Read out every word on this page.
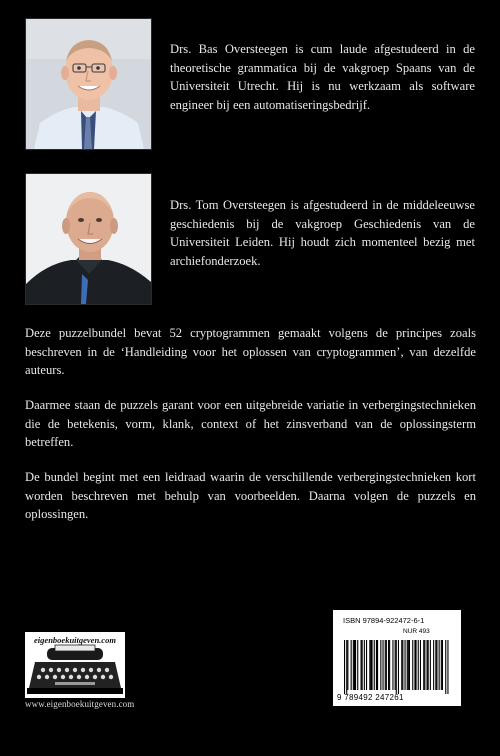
Drs. Bas Oversteegen is cum laude afgestudeerd in de theoretische grammatica bij de vakgroep Spaans van de Universiteit Utrecht. Hij is nu werkzaam als software engineer bij een automatiseringsbedrijf.

Drs. Tom Oversteegen is afgestudeerd in de middeleeuwse geschiedenis bij de vakgroep Geschiedenis van de Universiteit Leiden. Hij houdt zich momenteel bezig met archiefonderzoek.

Deze puzzelbundel bevat 52 cryptogrammen gemaakt volgens de principes zoals beschreven in de ‘Handleiding voor het oplossen van cryptogrammen’, van dezelfde auteurs.

Daarmee staan de puzzels garant voor een uitgebreide variatie in verbergingstechnieken die de betekenis, vorm, klank, context of het zinsverband van de oplossingsterm betreffen.

De bundel begint met een leidraad waarin de verschillende verbergingstechnieken kort worden beschreven met behulp van voorbeelden. Daarna volgen de puzzels en oplossingen.

eigenboekuitgeven.com
www.eigenboekuitgeven.com
ISBN 97894-922472-6-1
NUR 493
9 789492 247261
